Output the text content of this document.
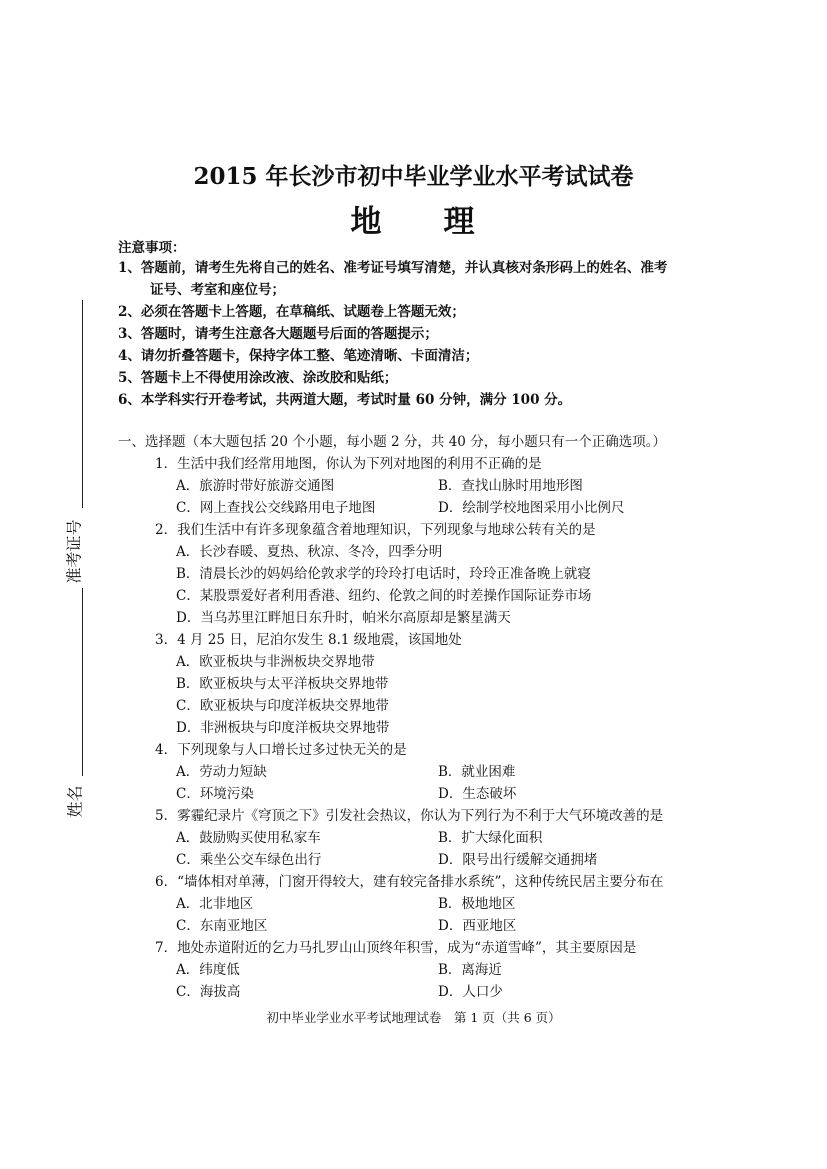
2015 年长沙市初中毕业学业水平考试试卷
地 理
注意事项：
1、答题前，请考生先将自己的姓名、准考证号填写清楚，并认真核对条形码上的姓名、准考
证号、考室和座位号；
2、必须在答题卡上答题，在草稿纸、试题卷上答题无效；
3、答题时，请考生注意各大题题号后面的答题提示；
4、请勿折叠答题卡，保持字体工整、笔迹清晰、卡面清洁；
5、答题卡上不得使用涂改液、涂改胶和贴纸；
6、本学科实行开卷考试，共两道大题，考试时量 60 分钟，满分 100 分。
准考证号
姓名
一、选择题（本大题包括 20 个小题，每小题 2 分，共 40 分，每小题只有一个正确选项。）
1．生活中我们经常用地图，你认为下列对地图的利用不正确的是
A．旅游时带好旅游交通图	B．查找山脉时用地形图
C．网上查找公交线路用电子地图	D．绘制学校地图采用小比例尺
2．我们生活中有许多现象蕴含着地理知识，下列现象与地球公转有关的是
A．长沙春暖、夏热、秋凉、冬冷，四季分明
B．清晨长沙的妈妈给伦敦求学的玲玲打电话时，玲玲正准备晚上就寝
C．某股票爱好者利用香港、纽约、伦敦之间的时差操作国际证券市场
D．当乌苏里江畔旭日东升时，帕米尔高原却是繁星满天
3．4 月 25 日，尼泊尔发生 8.1 级地震，该国地处
A．欧亚板块与非洲板块交界地带
B．欧亚板块与太平洋板块交界地带
C．欧亚板块与印度洋板块交界地带
D．非洲板块与印度洋板块交界地带
4．下列现象与人口增长过多过快无关的是
A．劳动力短缺	B．就业困难
C．环境污染	D．生态破坏
5．雾霾纪录片《穹顶之下》引发社会热议，你认为下列行为不利于大气环境改善的是
A．鼓励购买使用私家车	B．扩大绿化面积
C．乘坐公交车绿色出行	D．限号出行缓解交通拥堵
6．“墙体相对单薄，门窗开得较大，建有较完备排水系统”，这种传统民居主要分布在
A．北非地区	B．极地地区
C．东南亚地区	D．西亚地区
7．地处赤道附近的乞力马扎罗山山顶终年积雪，成为“赤道雪峰”，其主要原因是
A．纬度低	B．离海近
C．海拔高	D．人口少
初中毕业学业水平考试地理试卷　第 1 页（共 6 页）
